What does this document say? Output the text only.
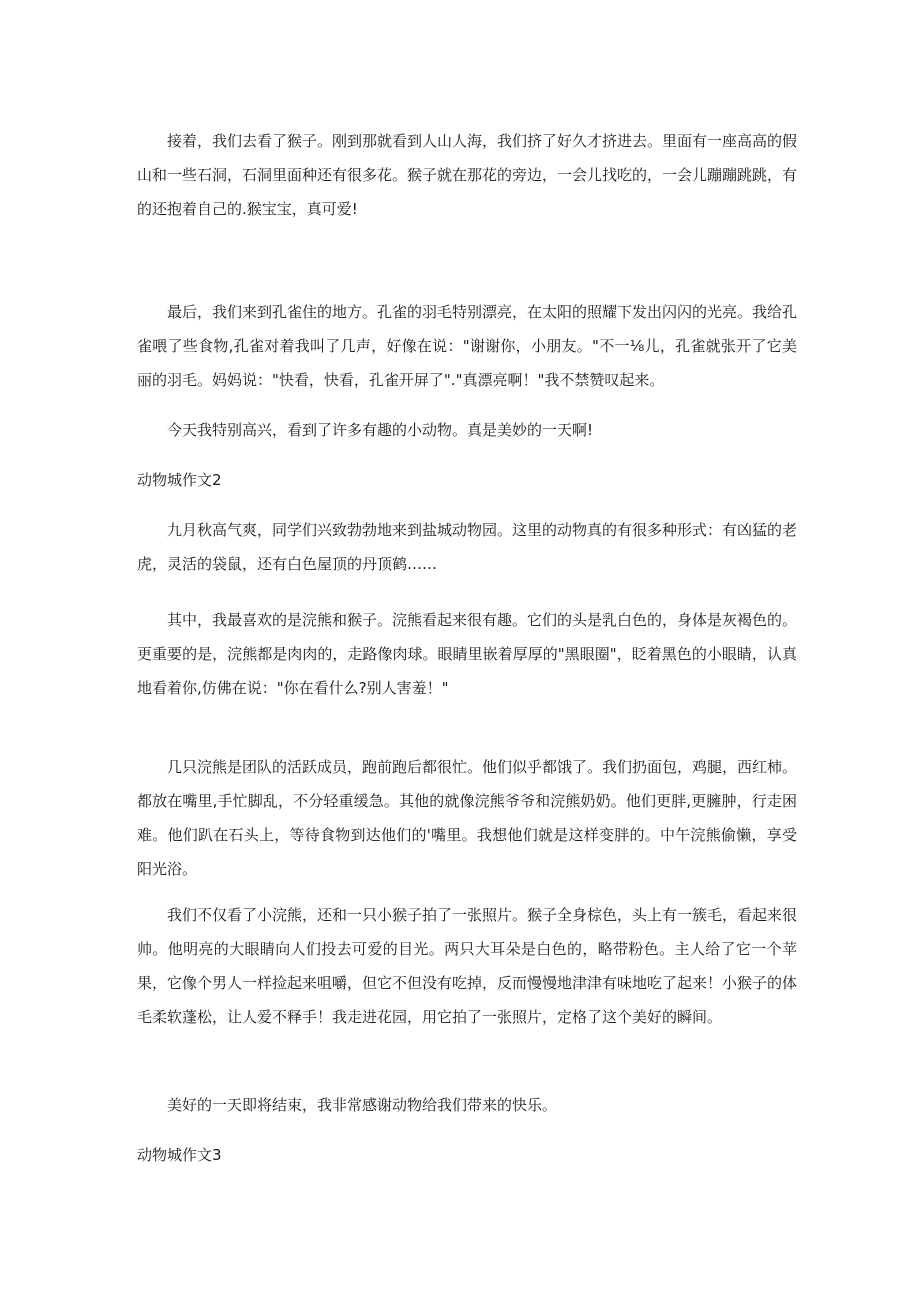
接着，我们去看了猴子。刚到那就看到人山人海，我们挤了好久才挤进去。里面有一座高高的假山和一些石洞，石洞里面种还有很多花。猴子就在那花的旁边，一会儿找吃的，一会儿蹦蹦跳跳，有的还抱着自己的.猴宝宝，真可爱!

最后，我们来到孔雀住的地方。孔雀的羽毛特别漂亮，在太阳的照耀下发出闪闪的光亮。我给孔雀喂了些食物,孔雀对着我叫了几声，好像在说："谢谢你，小朋友。"不一⅛儿，孔雀就张开了它美丽的羽毛。妈妈说："快看，快看，孔雀开屏了"."真漂亮啊！"我不禁赞叹起来。

今天我特别高兴，看到了许多有趣的小动物。真是美妙的一天啊!

动物城作文2

九月秋高气爽，同学们兴致勃勃地来到盐城动物园。这里的动物真的有很多种形式：有凶猛的老虎，灵活的袋鼠，还有白色屋顶的丹顶鹤……

其中，我最喜欢的是浣熊和猴子。浣熊看起来很有趣。它们的头是乳白色的，身体是灰褐色的。更重要的是，浣熊都是肉肉的，走路像肉球。眼睛里嵌着厚厚的"黑眼圈"，眨着黑色的小眼睛，认真地看着你,仿佛在说："你在看什么?别人害羞！"

几只浣熊是团队的活跃成员，跑前跑后都很忙。他们似乎都饿了。我们扔面包，鸡腿，西红柿。都放在嘴里,手忙脚乱，不分轻重缓急。其他的就像浣熊爷爷和浣熊奶奶。他们更胖,更臃肿，行走困难。他们趴在石头上，等待食物到达他们的'嘴里。我想他们就是这样变胖的。中午浣熊偷懒，享受阳光浴。

我们不仅看了小浣熊，还和一只小猴子拍了一张照片。猴子全身棕色，头上有一簇毛，看起来很帅。他明亮的大眼睛向人们投去可爱的目光。两只大耳朵是白色的，略带粉色。主人给了它一个苹果，它像个男人一样捡起来咀嚼，但它不但没有吃掉，反而慢慢地津津有味地吃了起来！小猴子的体毛柔软蓬松，让人爱不释手！我走进花园，用它拍了一张照片，定格了这个美好的瞬间。

美好的一天即将结束，我非常感谢动物给我们带来的快乐。

动物城作文3
